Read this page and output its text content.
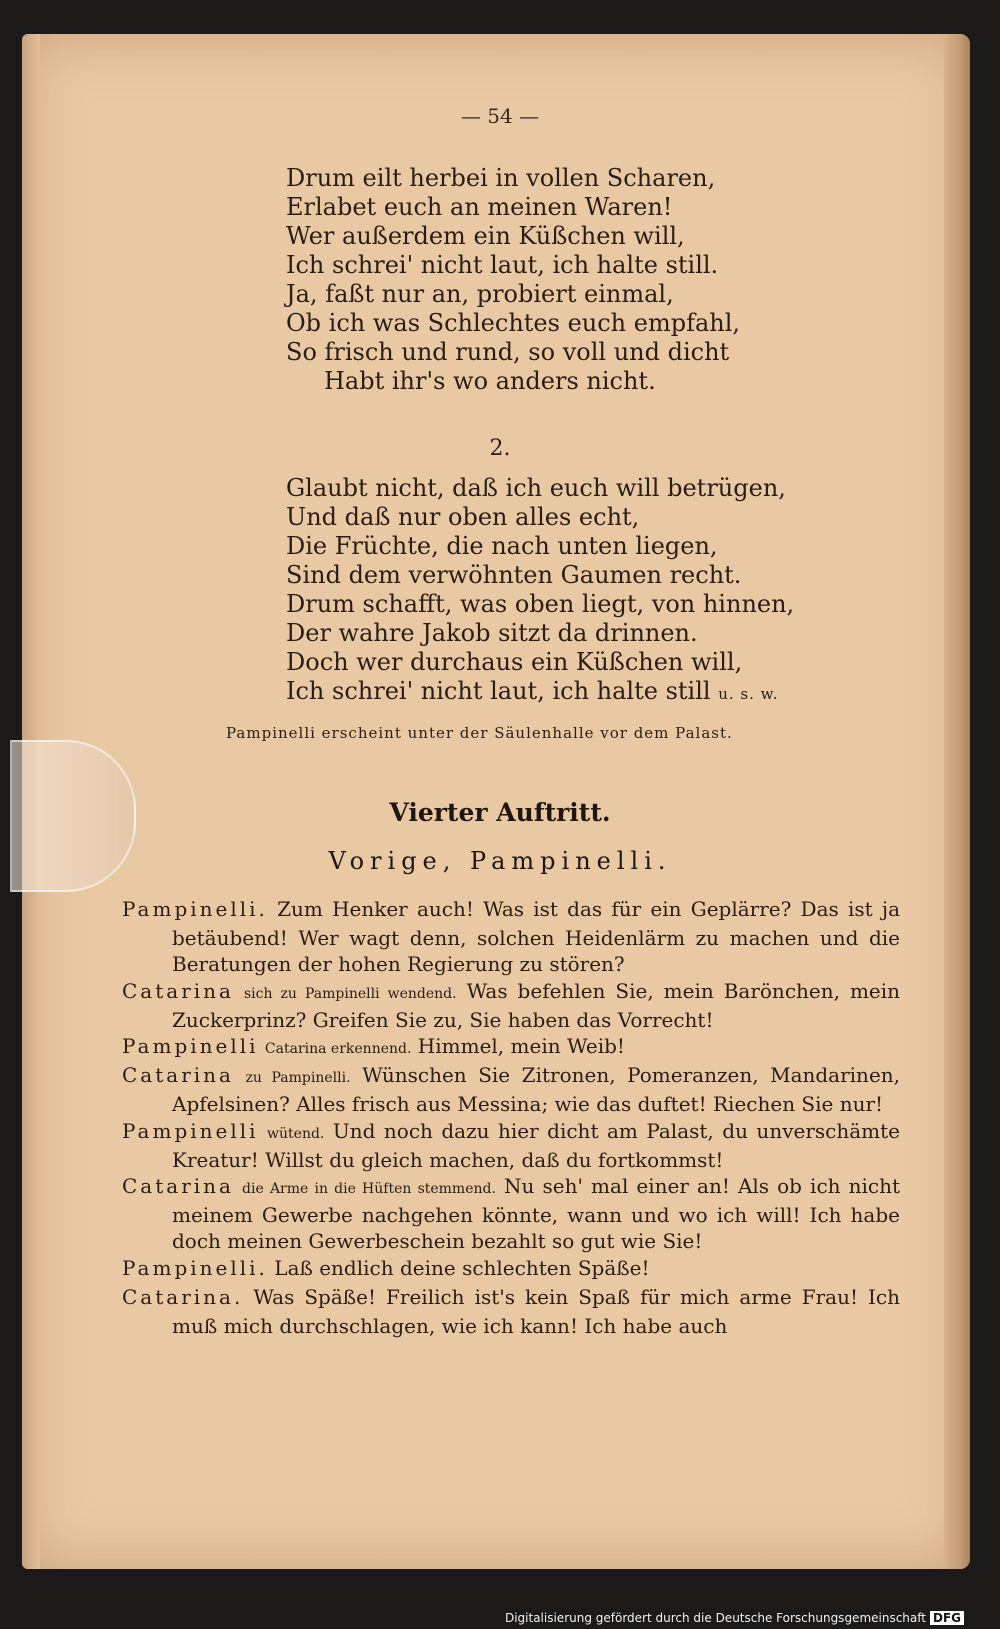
— 54 —
Drum eilt herbei in vollen Scharen,
Erlabet euch an meinen Waren!
Wer außerdem ein Küßchen will,
Ich schrei' nicht laut, ich halte still.
Ja, faßt nur an, probiert einmal,
Ob ich was Schlechtes euch empfahl,
So frisch und rund, so voll und dicht
Habt ihr's wo anders nicht.
2.
Glaubt nicht, daß ich euch will betrügen,
Und daß nur oben alles echt,
Die Früchte, die nach unten liegen,
Sind dem verwöhnten Gaumen recht.
Drum schafft, was oben liegt, von hinnen,
Der wahre Jakob sitzt da drinnen.
Doch wer durchaus ein Küßchen will,
Ich schrei' nicht laut, ich halte still u. s. w.
Pampinelli erscheint unter der Säulenhalle vor dem Palast.
Vierter Auftritt.
Vorige, Pampinelli.
Pampinelli. Zum Henker auch! Was ist das für ein Geplärre? Das ist ja betäubend! Wer wagt denn, solchen Heidenlärm zu machen und die Beratungen der hohen Regierung zu stören?
Catarina sich zu Pampinelli wendend. Was befehlen Sie, mein Barönchen, mein Zuckerprinz? Greifen Sie zu, Sie haben das Vorrecht!
Pampinelli Catarina erkennend. Himmel, mein Weib!
Catarina zu Pampinelli. Wünschen Sie Zitronen, Pomeranzen, Mandarinen, Apfelsinen? Alles frisch aus Messina; wie das duftet! Riechen Sie nur!
Pampinelli wütend. Und noch dazu hier dicht am Palast, du unverschämte Kreatur! Willst du gleich machen, daß du fortkommst!
Catarina die Arme in die Hüften stemmend. Nu seh' mal einer an! Als ob ich nicht meinem Gewerbe nachgehen könnte, wann und wo ich will! Ich habe doch meinen Gewerbeschein bezahlt so gut wie Sie!
Pampinelli. Laß endlich deine schlechten Späße!
Catarina. Was Späße! Freilich ist's kein Spaß für mich arme Frau! Ich muß mich durchschlagen, wie ich kann! Ich habe auch
Digitalisierung gefördert durch die Deutsche Forschungsgemeinschaft DFG
